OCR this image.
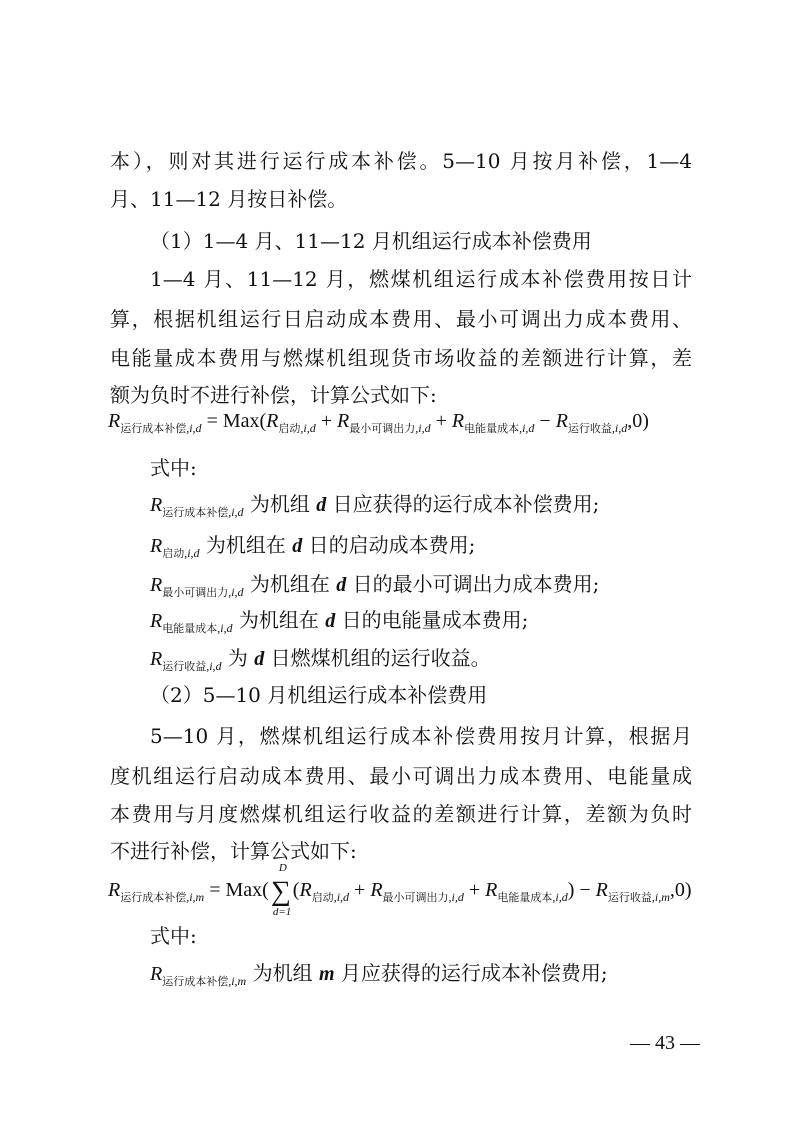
本），则对其进行运行成本补偿。5—10 月按月补偿，1—4
月、11—12 月按日补偿。
（1）1—4 月、11—12 月机组运行成本补偿费用
1—4 月、11—12 月，燃煤机组运行成本补偿费用按日计
算，根据机组运行日启动成本费用、最小可调出力成本费用、
电能量成本费用与燃煤机组现货市场收益的差额进行计算，差
额为负时不进行补偿，计算公式如下:
$R_{运行成本补偿,i,d} = Max(R_{启动,i,d} + R_{最小可调出力,i,d} + R_{电能量成本,i,d} - R_{运行收益,i,d},0)$
式中:
$R_{运行成本补偿,i,d}$ 为机组 d 日应获得的运行成本补偿费用;
$R_{启动,i,d}$ 为机组在 d 日的启动成本费用;
$R_{最小可调出力,i,d}$ 为机组在 d 日的最小可调出力成本费用;
$R_{电能量成本,i,d}$ 为机组在 d 日的电能量成本费用;
$R_{运行收益,i,d}$ 为 d 日燃煤机组的运行收益。
（2）5—10 月机组运行成本补偿费用
5—10 月，燃煤机组运行成本补偿费用按月计算，根据月
度机组运行启动成本费用、最小可调出力成本费用、电能量成
本费用与月度燃煤机组运行收益的差额进行计算，差额为负时
不进行补偿，计算公式如下:
$R_{运行成本补偿,i,m} = Max(\sum$
D
d=1
$(R_{启动,i,d} + R_{最小可调出力,i,d} + R_{电能量成本,i,d}) - R_{运行收益,i,m},0$)
式中:
$R_{运行成本补偿,i,m}$ 为机组 m 月应获得的运行成本补偿费用;
— 43 —
